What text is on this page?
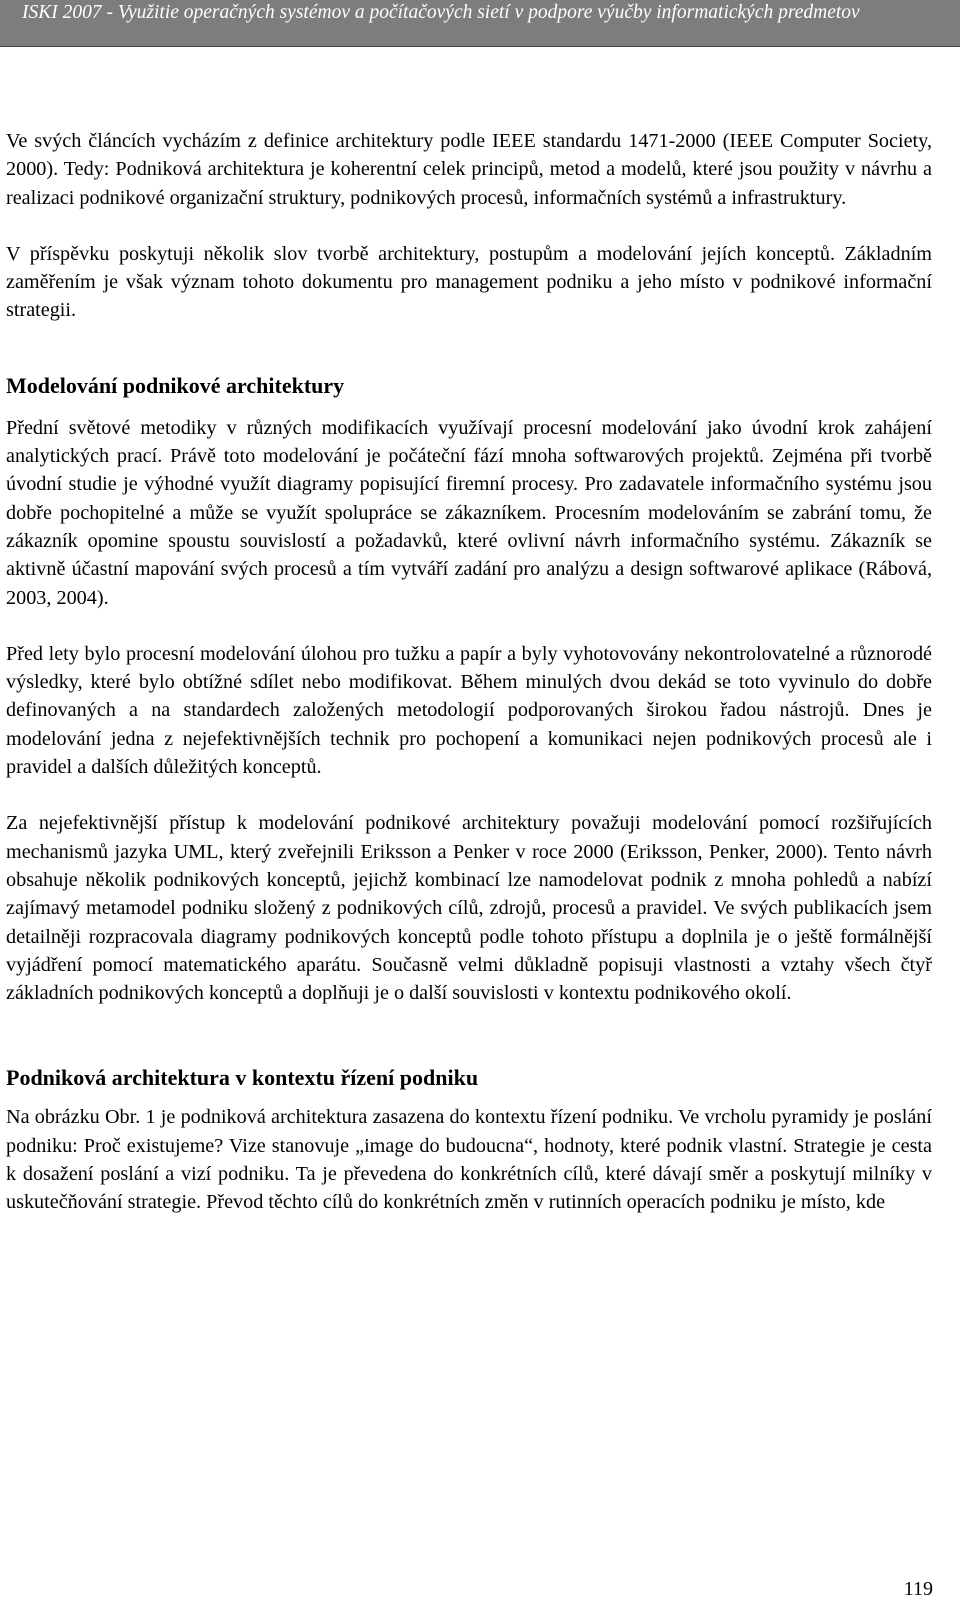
ISKI 2007 - Využitie operačných systémov a počítačových sietí v podpore výučby informatických predmetov

Ve svých článcích vycházím z definice architektury podle IEEE standardu 1471-2000 (IEEE Computer Society, 2000). Tedy: Podniková architektura je koherentní celek principů, metod a modelů, které jsou použity v návrhu a realizaci podnikové organizační struktury, podnikových procesů, informačních systémů a infrastruktury.

V příspěvku poskytuji několik slov tvorbě architektury, postupům a modelování jejích konceptů. Základním zaměřením je však význam tohoto dokumentu pro management podniku a jeho místo v podnikové informační strategii.

Modelování podnikové architektury

Přední světové metodiky v různých modifikacích využívají procesní modelování jako úvodní krok zahájení analytických prací. Právě toto modelování je počáteční fází mnoha softwarových projektů. Zejména při tvorbě úvodní studie je výhodné využít diagramy popisující firemní procesy. Pro zadavatele informačního systému jsou dobře pochopitelné a může se využít spolupráce se zákazníkem. Procesním modelováním se zabrání tomu, že zákazník opomine spoustu souvislostí a požadavků, které ovlivní návrh informačního systému. Zákazník se aktivně účastní mapování svých procesů a tím vytváří zadání pro analýzu a design softwarové aplikace (Rábová, 2003, 2004).

Před lety bylo procesní modelování úlohou pro tužku a papír a byly vyhotovovány nekontrolovatelné a různorodé výsledky, které bylo obtížné sdílet nebo modifikovat. Během minulých dvou dekád se toto vyvinulo do dobře definovaných a na standardech založených metodologií podporovaných širokou řadou nástrojů. Dnes je modelování jedna z nejefektivnějších technik pro pochopení a komunikaci nejen podnikových procesů ale i pravidel a dalších důležitých konceptů.

Za nejefektivnější přístup k modelování podnikové architektury považuji modelování pomocí rozšiřujících mechanismů jazyka UML, který zveřejnili Eriksson a Penker v roce 2000 (Eriksson, Penker, 2000). Tento návrh obsahuje několik podnikových konceptů, jejichž kombinací lze namodelovat podnik z mnoha pohledů a nabízí zajímavý metamodel podniku složený z podnikových cílů, zdrojů, procesů a pravidel. Ve svých publikacích jsem detailněji rozpracovala diagramy podnikových konceptů podle tohoto přístupu a doplnila je o ještě formálnější vyjádření pomocí matematického aparátu. Současně velmi důkladně popisuji vlastnosti a vztahy všech čtyř základních podnikových konceptů a doplňuji je o další souvislosti v kontextu podnikového okolí.

Podniková architektura v kontextu řízení podniku

Na obrázku Obr. 1 je podniková architektura zasazena do kontextu řízení podniku. Ve vrcholu pyramidy je poslání podniku: Proč existujeme? Vize stanovuje „image do budoucna“, hodnoty, které podnik vlastní. Strategie je cesta k dosažení poslání a vizí podniku. Ta je převedena do konkrétních cílů, které dávají směr a poskytují milníky v uskutečňování strategie. Převod těchto cílů do konkrétních změn v rutinních operacích podniku je místo, kde

119
